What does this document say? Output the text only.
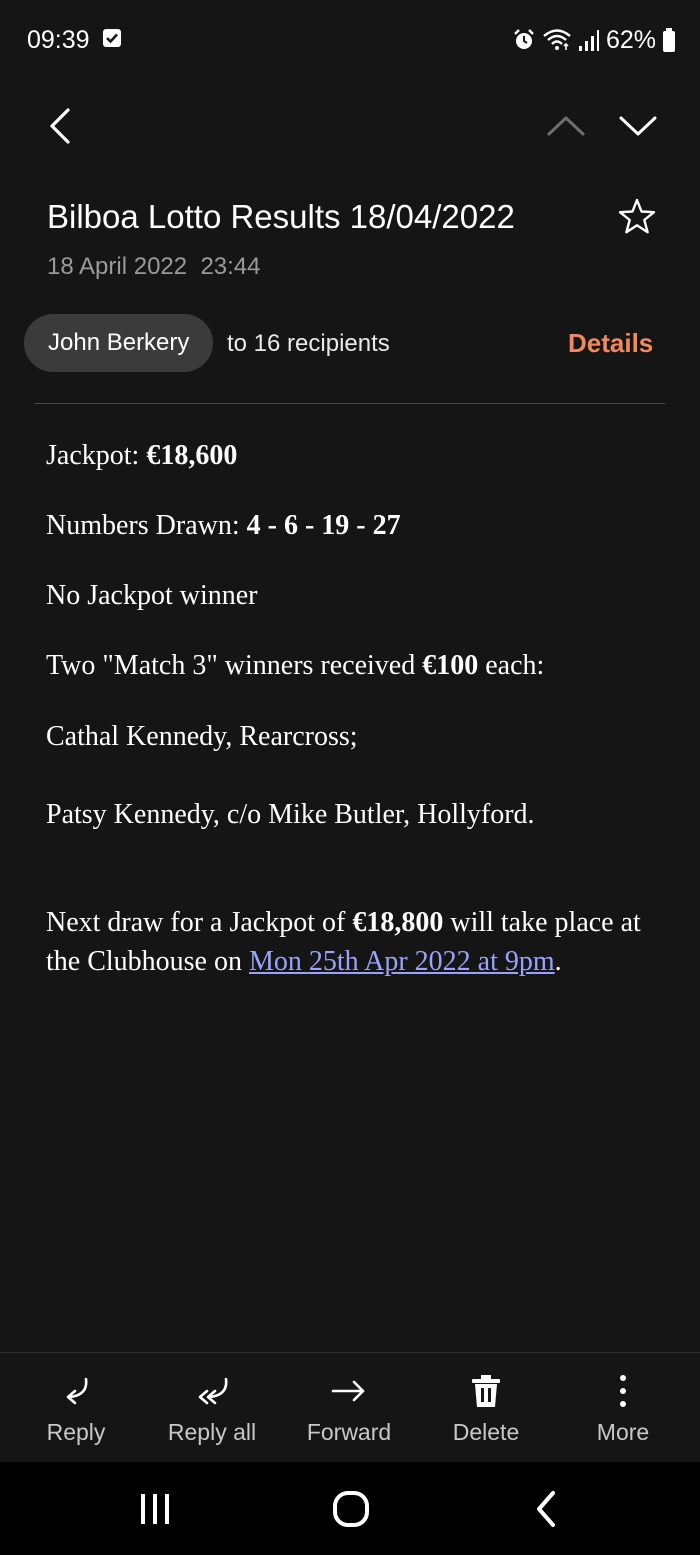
09:39	62%
Bilboa Lotto Results 18/04/2022
18 April 2022  23:44
John Berkery to 16 recipients	Details
Jackpot: €18,600
Numbers Drawn: 4 - 6 - 19 - 27
No Jackpot winner
Two "Match 3" winners received €100 each:
Cathal Kennedy, Rearcross;
Patsy Kennedy, c/o Mike Butler, Hollyford.
Next draw for a Jackpot of €18,800 will take place at the Clubhouse on Mon 25th Apr 2022 at 9pm.
Reply	Reply all	Forward	Delete	More
